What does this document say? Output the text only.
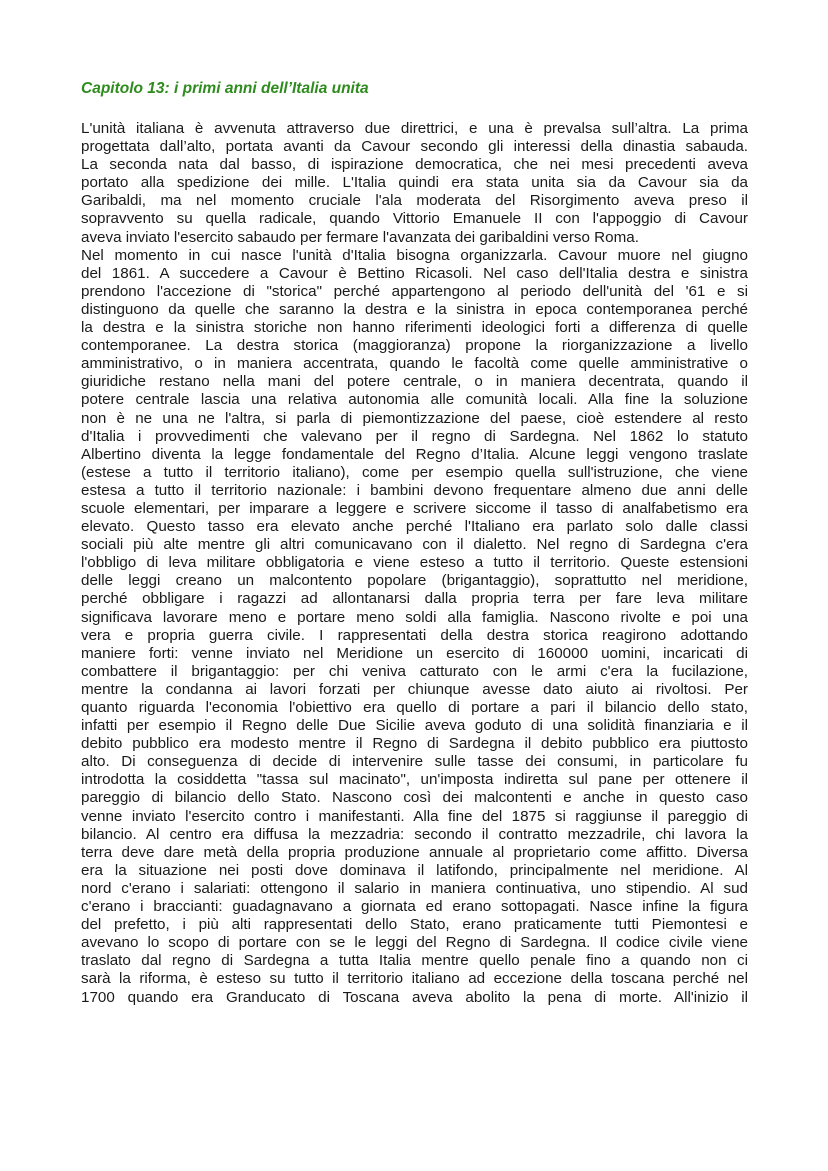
Capitolo 13: i primi anni dell’Italia unita
L'unità italiana è avvenuta attraverso due direttrici, e una è prevalsa sull’altra. La prima
progettata dall’alto, portata avanti da Cavour secondo gli interessi della dinastia sabauda.
La seconda nata dal basso, di ispirazione democratica, che nei mesi precedenti aveva
portato alla spedizione dei mille. L'Italia quindi era stata unita sia da Cavour sia da
Garibaldi, ma nel momento cruciale l'ala moderata del Risorgimento aveva preso il
sopravvento su quella radicale, quando Vittorio Emanuele II con l'appoggio di Cavour
aveva inviato l'esercito sabaudo per fermare l'avanzata dei garibaldini verso Roma.
Nel momento in cui nasce l'unità d'Italia bisogna organizzarla. Cavour muore nel giugno
del 1861. A succedere a Cavour è Bettino Ricasoli. Nel caso dell'Italia destra e sinistra
prendono l'accezione di "storica" perché appartengono al periodo dell'unità del '61 e si
distinguono da quelle che saranno la destra e la sinistra in epoca contemporanea perché
la destra e la sinistra storiche non hanno riferimenti ideologici forti a differenza di quelle
contemporanee. La destra storica (maggioranza) propone la riorganizzazione a livello
amministrativo, o in maniera accentrata, quando le facoltà come quelle amministrative o
giuridiche restano nella mani del potere centrale, o in maniera decentrata, quando il
potere centrale lascia una relativa autonomia alle comunità locali. Alla fine la soluzione
non è ne una ne l'altra, si parla di piemontizzazione del paese, cioè estendere al resto
d'Italia i provvedimenti che valevano per il regno di Sardegna. Nel 1862 lo statuto
Albertino diventa la legge fondamentale del Regno d’Italia. Alcune leggi vengono traslate
(estese a tutto il territorio italiano), come per esempio quella sull'istruzione, che viene
estesa a tutto il territorio nazionale: i bambini devono frequentare almeno due anni delle
scuole elementari, per imparare a leggere e scrivere siccome il tasso di analfabetismo era
elevato. Questo tasso era elevato anche perché l'Italiano era parlato solo dalle classi
sociali più alte mentre gli altri comunicavano con il dialetto. Nel regno di Sardegna c'era
l'obbligo di leva militare obbligatoria e viene esteso a tutto il territorio. Queste estensioni
delle leggi creano un malcontento popolare (brigantaggio), soprattutto nel meridione,
perché obbligare i ragazzi ad allontanarsi dalla propria terra per fare leva militare
significava lavorare meno e portare meno soldi alla famiglia. Nascono rivolte e poi una
vera e propria guerra civile. I rappresentati della destra storica reagirono adottando
maniere forti: venne inviato nel Meridione un esercito di 160000 uomini, incaricati di
combattere il brigantaggio: per chi veniva catturato con le armi c'era la fucilazione,
mentre la condanna ai lavori forzati per chiunque avesse dato aiuto ai rivoltosi. Per
quanto riguarda l'economia l'obiettivo era quello di portare a pari il bilancio dello stato,
infatti per esempio il Regno delle Due Sicilie aveva goduto di una solidità finanziaria e il
debito pubblico era modesto mentre il Regno di Sardegna il debito pubblico era piuttosto
alto. Di conseguenza di decide di intervenire sulle tasse dei consumi, in particolare fu
introdotta la cosiddetta "tassa sul macinato", un'imposta indiretta sul pane per ottenere il
pareggio di bilancio dello Stato. Nascono così dei malcontenti e anche in questo caso
venne inviato l'esercito contro i manifestanti. Alla fine del 1875 si raggiunse il pareggio di
bilancio. Al centro era diffusa la mezzadria: secondo il contratto mezzadrile, chi lavora la
terra deve dare metà della propria produzione annuale al proprietario come affitto. Diversa
era la situazione nei posti dove dominava il latifondo, principalmente nel meridione. Al
nord c'erano i salariati: ottengono il salario in maniera continuativa, uno stipendio. Al sud
c'erano i braccianti: guadagnavano a giornata ed erano sottopagati. Nasce infine la figura
del prefetto, i più alti rappresentati dello Stato, erano praticamente tutti Piemontesi e
avevano lo scopo di portare con se le leggi del Regno di Sardegna. Il codice civile viene
traslato dal regno di Sardegna a tutta Italia mentre quello penale fino a quando non ci
sarà la riforma, è esteso su tutto il territorio italiano ad eccezione della toscana perché nel
1700 quando era Granducato di Toscana aveva abolito la pena di morte. All'inizio il
